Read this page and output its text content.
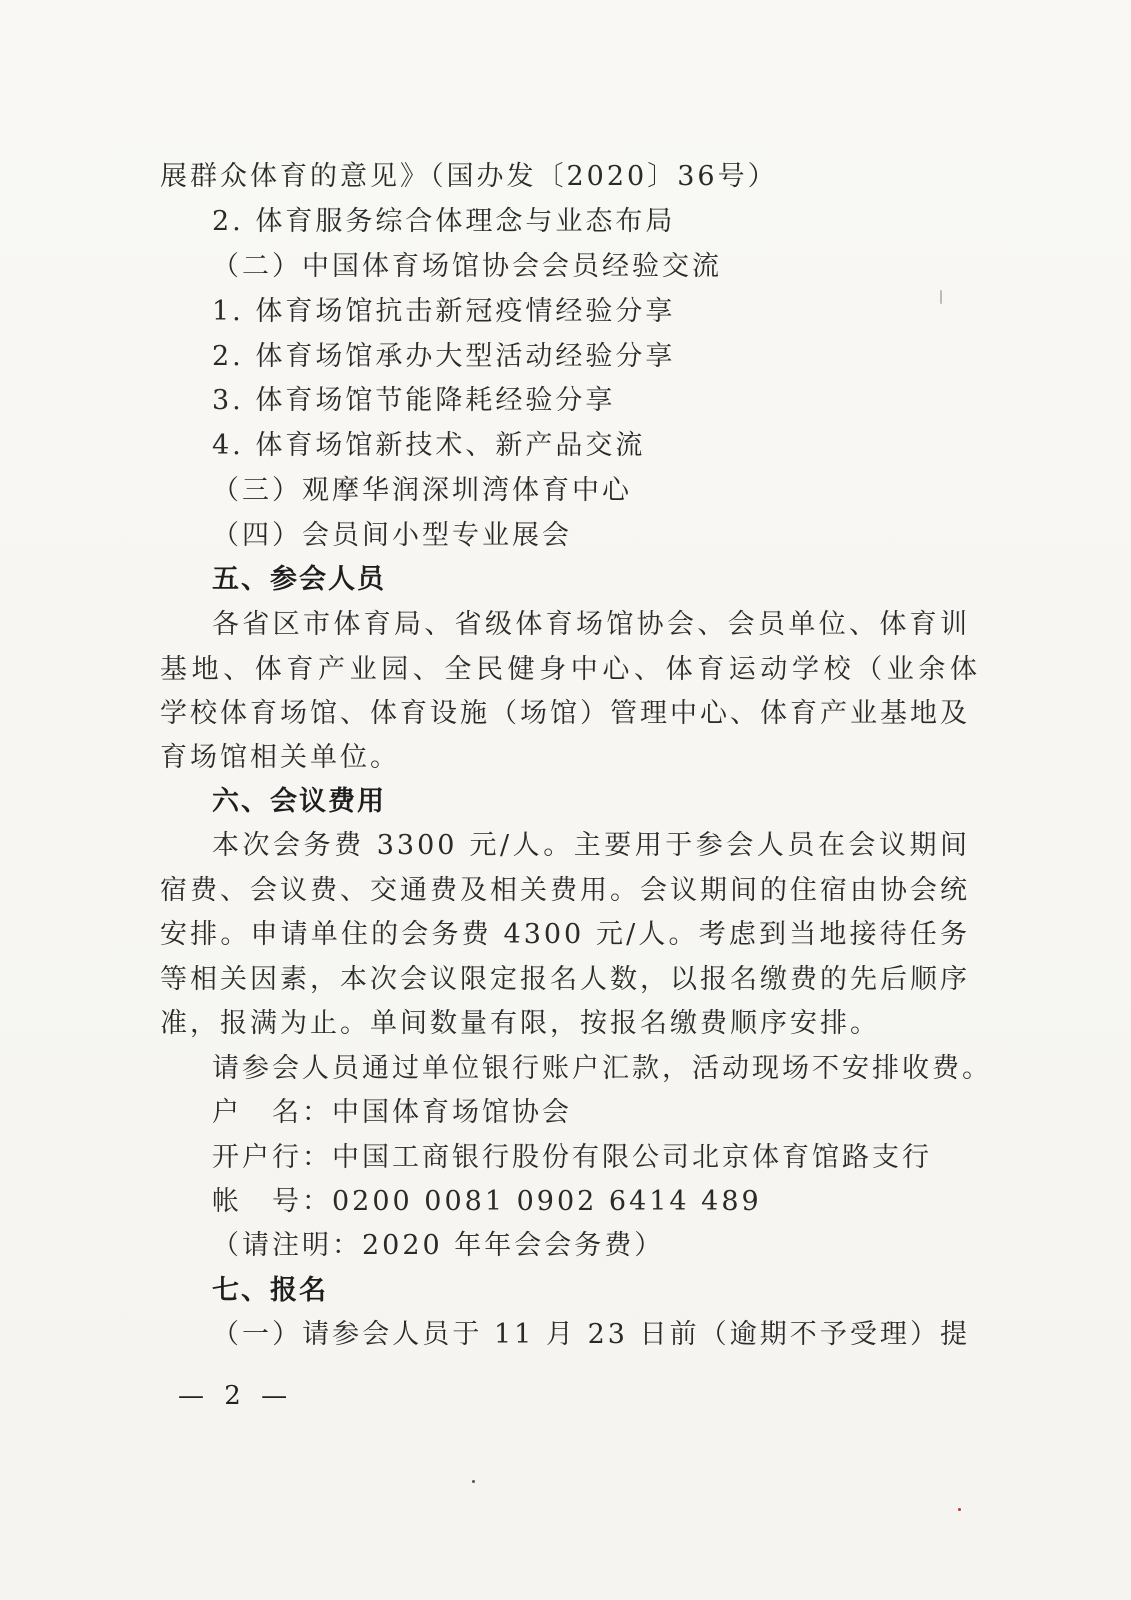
展群众体育的意见》（国办发〔2020〕36号）
2. 体育服务综合体理念与业态布局
（二）中国体育场馆协会会员经验交流
1. 体育场馆抗击新冠疫情经验分享
2. 体育场馆承办大型活动经验分享
3. 体育场馆节能降耗经验分享
4. 体育场馆新技术、新产品交流
（三）观摩华润深圳湾体育中心
（四）会员间小型专业展会
五、参会人员
各省区市体育局、省级体育场馆协会、会员单位、体育训
基地、体育产业园、全民健身中心、体育运动学校（业余体
学校体育场馆、体育设施（场馆）管理中心、体育产业基地及
育场馆相关单位。
六、会议费用
本次会务费 3300 元/人。主要用于参会人员在会议期间
宿费、会议费、交通费及相关费用。会议期间的住宿由协会统
安排。申请单住的会务费 4300 元/人。考虑到当地接待任务
等相关因素，本次会议限定报名人数，以报名缴费的先后顺序
准，报满为止。单间数量有限，按报名缴费顺序安排。
请参会人员通过单位银行账户汇款，活动现场不安排收费。
户　名：中国体育场馆协会
开户行：中国工商银行股份有限公司北京体育馆路支行
帐　号：0200 0081 0902 6414 489
（请注明：2020 年年会会务费）
七、报名
（一）请参会人员于 11 月 23 日前（逾期不予受理）提
— 2 —
